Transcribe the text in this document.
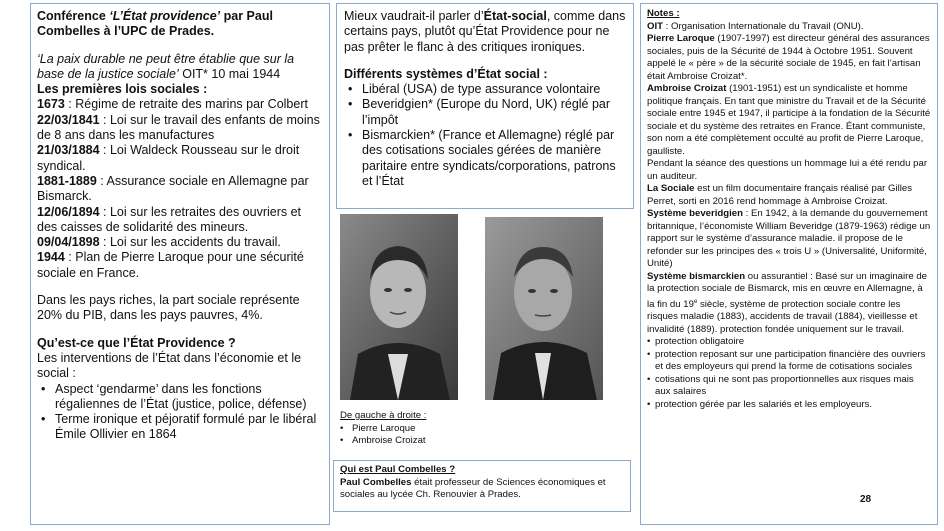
Conférence ‘L’État providence’ par Paul Combelles à l’UPC de Prades.

‘La paix durable ne peut être établie que sur la base de la justice sociale’ OIT* 10 mai 1944

Les premières lois sociales :

1673 : Régime de retraite des marins par Colbert

22/03/1841 : Loi sur le travail des enfants de moins de 8 ans dans les manufactures

21/03/1884 : Loi Waldeck Rousseau sur le droit syndical.

1881-1889 : Assurance sociale en Allemagne par Bismarck.

12/06/1894 : Loi sur les retraites des ouvriers et des caisses de solidarité des mineurs.

09/04/1898 : Loi sur les accidents du travail.

1944 : Plan de Pierre Laroque pour une sécurité sociale en France.

Dans les pays riches, la part sociale représente 20% du PIB, dans les pays pauvres, 4%.

Qu’est-ce que l’État Providence ?

Les interventions de l’État dans l’économie et le social :

• Aspect ‘gendarme’ dans les fonctions régaliennes de l’État (justice, police, défense)
• Terme ironique et péjoratif formulé par le libéral Émile Ollivier en 1864

Mieux vaudrait-il parler d’État-social, comme dans certains pays, plutôt qu’État Providence pour ne pas prêter le flanc à des critiques ironiques.

Différents systèmes d’État social :

• Libéral (USA) de type assurance volontaire
• Beveridgien* (Europe du Nord, UK) réglé par l’impôt
• Bismarckien* (France et Allemagne) réglé par des cotisations sociales gérées de manière paritaire entre syndicats/corporations, patrons et l’État

De gauche à droite :

• Pierre Laroque
• Ambroise Croizat

Qui est Paul Combelles ?

Paul Combelles était professeur de Sciences économiques et sociales au lycée Ch. Renouvier à Prades.

Notes :

OIT : Organisation Internationale du Travail (ONU).

Pierre Laroque (1907-1997) est directeur général des assurances sociales, puis de la Sécurité de 1944 à Octobre 1951. Souvent appelé le « père » de la sécurité sociale de 1945, en fait l’artisan était Ambroise Croizat*.

Ambroise Croizat (1901-1951) est un syndicaliste et homme politique français. En tant que ministre du Travail et de la Sécurité sociale entre 1945 et 1947, il participe à la fondation de la Sécurité sociale et du système des retraites en France. Étant communiste, son nom a été complètement occulté au profit de Pierre Laroque, gaulliste.

Pendant la séance des questions un hommage lui a été rendu par un auditeur.

La Sociale est un film documentaire français réalisé par Gilles Perret, sorti en 2016 rend hommage à Ambroise Croizat.

Système beveridgien : En 1942, à la demande du gouvernement britannique, l’économiste William Beveridge (1879-1963) rédige un rapport sur le système d’assurance maladie. il propose de le refonder sur les principes des « trois U » (Universalité, Uniformité, Unité)

Système bismarckien ou assurantiel : Basé sur un imaginaire de la protection sociale de Bismarck, mis en œuvre en Allemagne, à la fin du 19e siècle, système de protection sociale contre les risques maladie (1883), accidents de travail (1884), vieillesse et invalidité (1889). protection fondée uniquement sur le travail.

• protection obligatoire
• protection reposant sur une participation financière des ouvriers et des employeurs qui prend la forme de cotisations sociales
• cotisations qui ne sont pas proportionnelles aux risques mais aux salaires
• protection gérée par les salariés et les employeurs.
28
